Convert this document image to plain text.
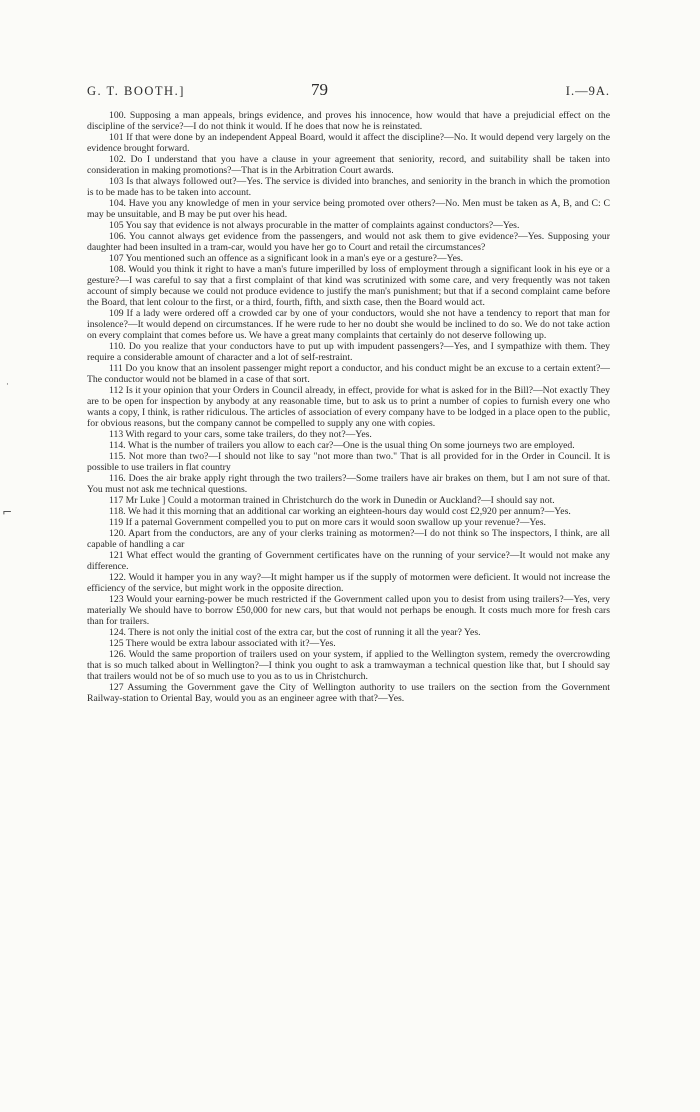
G. T. BOOTH.]	79	I.—9A.
·
⌐

100. Supposing a man appeals, brings evidence, and proves his innocence, how would that have a prejudicial effect on the discipline of the service?—I do not think it would. If he does that now he is reinstated.

101 If that were done by an independent Appeal Board, would it affect the discipline?—No. It would depend very largely on the evidence brought forward.

102. Do I understand that you have a clause in your agreement that seniority, record, and suitability shall be taken into consideration in making promotions?—That is in the Arbitration Court awards.

103 Is that always followed out?—Yes. The service is divided into branches, and seniority in the branch in which the promotion is to be made has to be taken into account.

104. Have you any knowledge of men in your service being promoted over others?—No. Men must be taken as A, B, and C: C may be unsuitable, and B may be put over his head.

105 You say that evidence is not always procurable in the matter of complaints against conductors?—Yes.

106. You cannot always get evidence from the passengers, and would not ask them to give evidence?—Yes. Supposing your daughter had been insulted in a tram-car, would you have her go to Court and retail the circumstances?

107 You mentioned such an offence as a significant look in a man's eye or a gesture?—Yes.

108. Would you think it right to have a man's future imperilled by loss of employment through a significant look in his eye or a gesture?—I was careful to say that a first complaint of that kind was scrutinized with some care, and very frequently was not taken account of simply because we could not produce evidence to justify the man's punishment; but that if a second complaint came before the Board, that lent colour to the first, or a third, fourth, fifth, and sixth case, then the Board would act.

109 If a lady were ordered off a crowded car by one of your conductors, would she not have a tendency to report that man for insolence?—It would depend on circumstances. If he were rude to her no doubt she would be inclined to do so. We do not take action on every complaint that comes before us. We have a great many complaints that certainly do not deserve following up.

110. Do you realize that your conductors have to put up with impudent passengers?—Yes, and I sympathize with them. They require a considerable amount of character and a lot of self-restraint.

111 Do you know that an insolent passenger might report a conductor, and his conduct might be an excuse to a certain extent?—The conductor would not be blamed in a case of that sort.

112 Is it your opinion that your Orders in Council already, in effect, provide for what is asked for in the Bill?—Not exactly They are to be open for inspection by anybody at any reasonable time, but to ask us to print a number of copies to furnish every one who wants a copy, I think, is rather ridiculous. The articles of association of every company have to be lodged in a place open to the public, for obvious reasons, but the company cannot be compelled to supply any one with copies.

113 With regard to your cars, some take trailers, do they not?—Yes.

114. What is the number of trailers you allow to each car?—One is the usual thing On some journeys two are employed.

115. Not more than two?—I should not like to say "not more than two." That is all provided for in the Order in Council. It is possible to use trailers in flat country

116. Does the air brake apply right through the two trailers?—Some trailers have air brakes on them, but I am not sure of that. You must not ask me technical questions.

117 Mr Luke ] Could a motorman trained in Christchurch do the work in Dunedin or Auckland?—I should say not.

118. We had it this morning that an additional car working an eighteen-hours day would cost £2,920 per annum?—Yes.

119 If a paternal Government compelled you to put on more cars it would soon swallow up your revenue?—Yes.

120. Apart from the conductors, are any of your clerks training as motormen?—I do not think so The inspectors, I think, are all capable of handling a car

121 What effect would the granting of Government certificates have on the running of your service?—It would not make any difference.

122. Would it hamper you in any way?—It might hamper us if the supply of motormen were deficient. It would not increase the efficiency of the service, but might work in the opposite direction.

123 Would your earning-power be much restricted if the Government called upon you to desist from using trailers?—Yes, very materially We should have to borrow £50,000 for new cars, but that would not perhaps be enough. It costs much more for fresh cars than for trailers.

124. There is not only the initial cost of the extra car, but the cost of running it all the year? Yes.

125 There would be extra labour associated with it?—Yes.

126. Would the same proportion of trailers used on your system, if applied to the Wellington system, remedy the overcrowding that is so much talked about in Wellington?—I think you ought to ask a tramwayman a technical question like that, but I should say that trailers would not be of so much use to you as to us in Christchurch.

127 Assuming the Government gave the City of Wellington authority to use trailers on the section from the Government Railway-station to Oriental Bay, would you as an engineer agree with that?—Yes.
